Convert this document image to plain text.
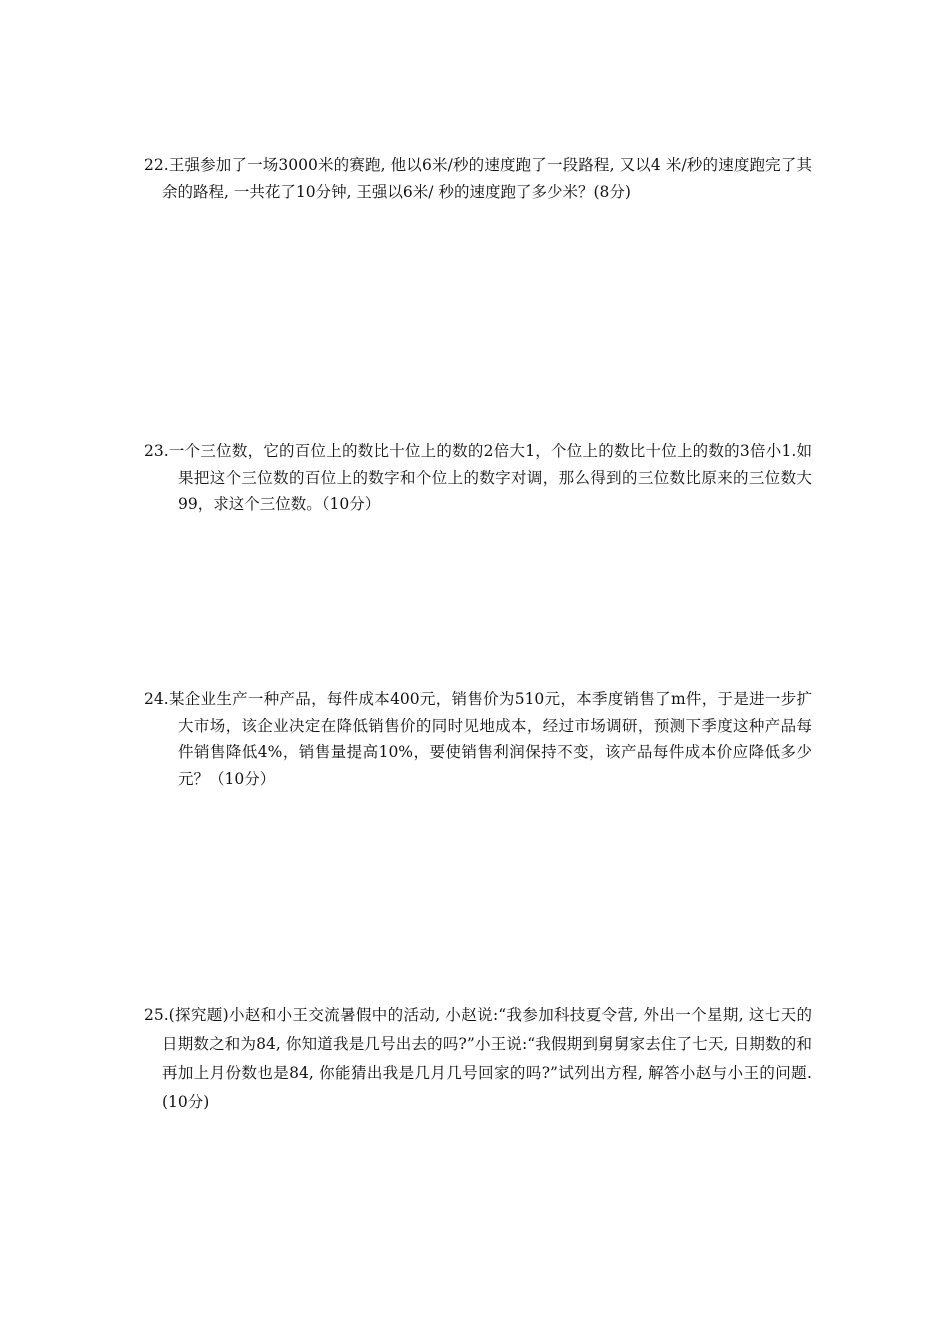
22.王强参加了一场3000米的赛跑, 他以6米/秒的速度跑了一段路程, 又以4 米/秒的速度跑完了其余的路程, 一共花了10分钟, 王强以6米/ 秒的速度跑了多少米？(8分)

23.一个三位数，它的百位上的数比十位上的数的2倍大1，个位上的数比十位上的数的3倍小1.如果把这个三位数的百位上的数字和个位上的数字对调，那么得到的三位数比原来的三位数大99，求这个三位数。（10分）

24.某企业生产一种产品，每件成本400元，销售价为510元，本季度销售了m件，于是进一步扩大市场，该企业决定在降低销售价的同时见地成本，经过市场调研，预测下季度这种产品每件销售降低4%，销售量提高10%，要使销售利润保持不变，该产品每件成本价应降低多少元？（10分）

25.(探究题)小赵和小王交流暑假中的活动, 小赵说:“我参加科技夏令营, 外出一个星期, 这七天的日期数之和为84, 你知道我是几号出去的吗?”小王说:“我假期到舅舅家去住了七天, 日期数的和再加上月份数也是84, 你能猜出我是几月几号回家的吗?”试列出方程, 解答小赵与小王的问题. (10分)
